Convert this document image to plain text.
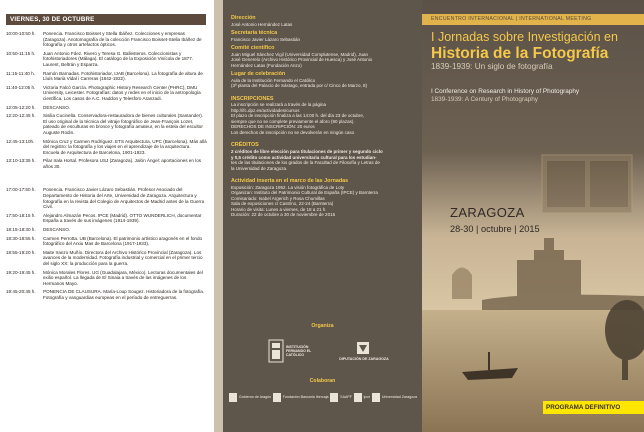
VIERNES, 30 DE OCTUBRE
10:00-10:50 h.	Ponencia. Francisco Boisset y Stella Ibáñez. Colecciones y empresas (Zaragoza). Anotomografía de la colección Francisco Boisset-Stella Ibáñez de fotografía y otros artefactos ópticos.
10:50-11:15 h.	Juan Antonio Fdez. Rivero y Teresa G. Ballesteros. Coleccionistas y fotohistoriadores (Málaga). El catálogo de la Exposición Vinícola de 1877. Laurent, Beltrán y Esparza.
11:15-11:40 h.	Ramón Barnadas. Fotohistoriador, IJAB (Barcelona). La fotografía de altura de Lluís Marià Vidal i Carreras (1842-1922).
11:40-12:05 h.	Victoria Falcó García. Photographic History Research Center (PHRC), DMU University, Leicester. Fotografías: datos y redes en el inicio de la antropología científica. Los casos de A.C. Haddon y Telesforo Aranzadi.
12:05-12:20 h.	DESCANSO.
12:20-12:45 h.	Sisilia Cucinella. Conservadora-restauradora de bienes culturales (Santander). El uso original de la técnica del vitraje fotográfico de Jean-François Lozet, pateado de esculturas en bronce y fotografía amateur, en la estela del escultor Auguste Rodin.
12:45-13:10h.	Mónica Cruz y Carmen Rodríguez. ETS Arquitectura, UPC (Barcelona). Más allá del registro: la fotografía y los viajes en el aprendizaje de la arquitectura. Escuela de Arquitectura de Barcelona, 1901-1923.
13:10-13:35 h.	Pilar Irala Hortal. Profesora USJ (Zaragoza). Jalón Ángel: aportaciones en los años 30.
17:00-17:50 h.	Ponencia. Francisco Javier Lázaro Sebastián. Profesor Asociado del Departamento de Historia del Arte, Universidad de Zaragoza. Arquitectura y fotografía en la revista del Colegio de Arquitectos de Madrid antes de la Guerra Civil.
17:50-18:15 h.	Alejandro Almazán Pecos. IPCE (Madrid). OTTO WUNDERLICH, documentar España a través de sus imágenes (1914-1939).
18:15-18:30 h.	DESCANSO.
18:30-18:55 h.	Carmen Perrotta. UB (Barcelona). El patrimonio artístico aragonés en el fondo fotográfico del Arxiu Mas de Barcelona (1917-1933).
18:55-19:20 h.	Maite Iranzo Muñío. Directora del Archivo Histórico Provincial (Zaragoza). Los avances de la modernidad. Fotografía industrial y comercial en el primer tercio del siglo XX: la producción para la guerra.
19:20-19:45 h.	Mónica Morales Flores. UG (Guadalajara, México). Lecturas documentales del exilio español. La llegada de El Sinaia a través de las imágenes de los Hermanos Mayo.
19:45-20:45 h.	PONENCIA DE CLAUSURA. María-Loup Sougez. Historiadora de la fotografía. Fotografía y vanguardias europeas en el período de entreguerras.
Dirección
José Antonio Hernández Latas
Secretaría técnica
Francisco Javier Lázaro Sebastián
Comité científico
Juan Miguel Sánchez Vigil (Universidad Complutense, Madrid), Juan
José Generelo (Archivo Histórico Provincial de Huesca) y José Antonio
Hernández Latas (Fundación Anzo)
Lugar de celebración
Aula de la Institución Fernando el Católico
(3ª planta del Palacio de Sástago, entrada por c/ Cinco de Marzo, 8)
INSCRIPCIONES
La inscripción se realizará a través de la página
http://ifc.dpz.es/actividades/cursos
El plazo de inscripción finaliza a las 14:00 h. del día 23 de octubre,
siempre que no se complete previamente el aforo (90 plazas).
DERECHOS DE INSCRIPCIÓN: 20 euros
Los derechos de inscripción no se devolverán en ningún caso
CRÉDITOS
2 créditos de libre elección para titulaciones de primer y segundo ciclo
y 0,5 crédito como actividad universitaria cultural para los estudian-
tes de las titulaciones de los grados de la Facultad de Filosofía y Letras de
la Universidad de Zaragoza.
Actividad inserta en el marco de las Jornadas
Exposición: Zaragoza 1952. La visión fotográfica de Loty
Organizan: Instituto del Patrimonio Cultural de España (IPCE) y Barnterra
Comisariado: Isabel Argerich y Rosa Chumillas
Sala de exposiciones c/ Castrino, 22-24 (Barnterra)
Horario de visita: Lunes a viernes, de 18 a 21 h.
Duración: 22 de octubre a 30 de noviembre de 2015
Organiza
INSTITUCIÓN FERNANDO EL CATÓLICO
DIPUTACIÓN DE ZARAGOZA
Colaboran
Gobierno de Aragón	Fundación Bancaria Ibercaja	SAAPF	ipce	Universidad Zaragoza
ENCUENTRO INTERNACIONAL | INTERNATIONAL MEETING
I Jornadas sobre Investigación en
Historia de la Fotografía
1839-1939: Un siglo de fotografía
I Conference on Research in History of Photography
1839-1939: A Century of Photography
ZARAGOZA
28-30 | octubre | 2015
PROGRAMA DEFINITIVO
